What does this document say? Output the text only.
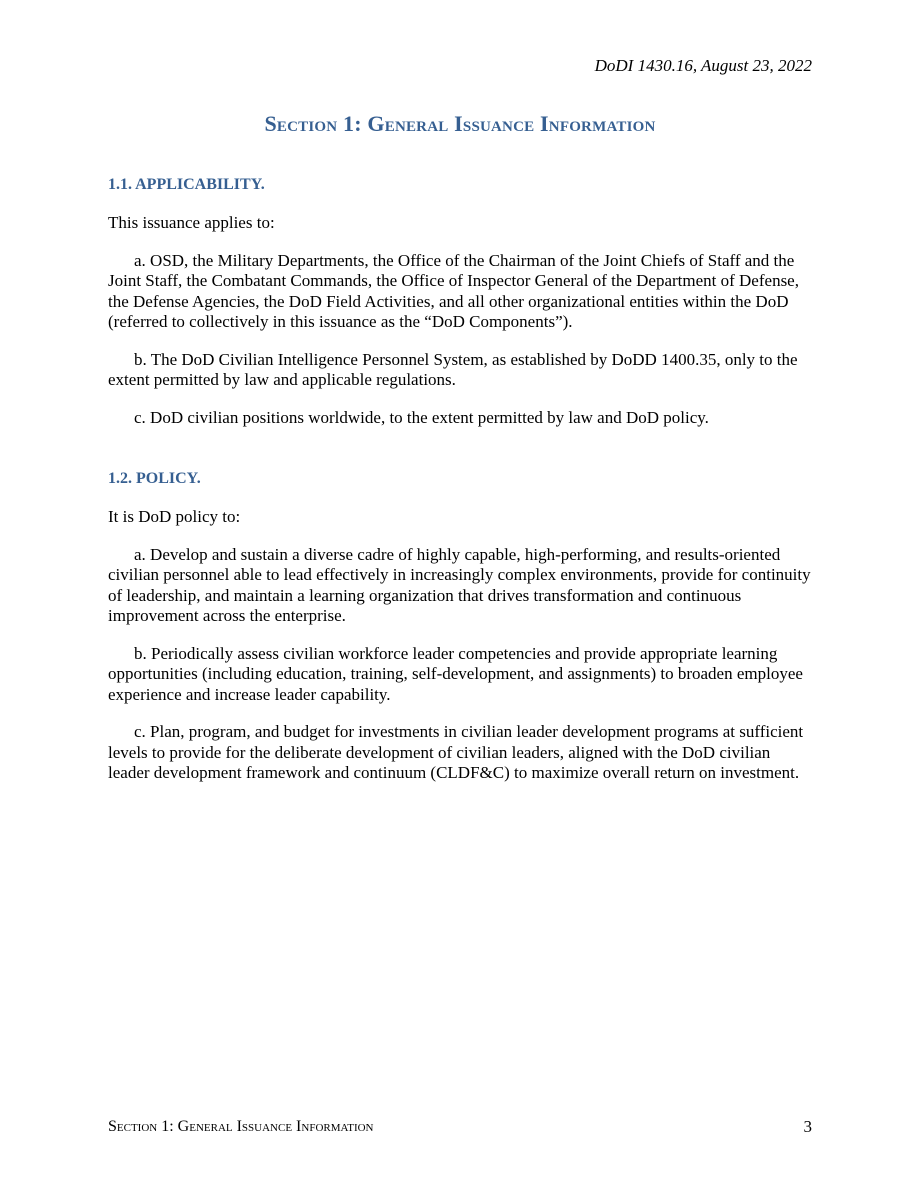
DoDI 1430.16, August 23, 2022
Section 1: General Issuance Information

1.1. APPLICABILITY.

This issuance applies to:

a. OSD, the Military Departments, the Office of the Chairman of the Joint Chiefs of Staff and the Joint Staff, the Combatant Commands, the Office of Inspector General of the Department of Defense, the Defense Agencies, the DoD Field Activities, and all other organizational entities within the DoD (referred to collectively in this issuance as the “DoD Components”).

b. The DoD Civilian Intelligence Personnel System, as established by DoDD 1400.35, only to the extent permitted by law and applicable regulations.

c. DoD civilian positions worldwide, to the extent permitted by law and DoD policy.

1.2. POLICY.

It is DoD policy to:

a. Develop and sustain a diverse cadre of highly capable, high-performing, and results-oriented civilian personnel able to lead effectively in increasingly complex environments, provide for continuity of leadership, and maintain a learning organization that drives transformation and continuous improvement across the enterprise.

b. Periodically assess civilian workforce leader competencies and provide appropriate learning opportunities (including education, training, self-development, and assignments) to broaden employee experience and increase leader capability.

c. Plan, program, and budget for investments in civilian leader development programs at sufficient levels to provide for the deliberate development of civilian leaders, aligned with the DoD civilian leader development framework and continuum (CLDF&C) to maximize overall return on investment.

Section 1: General Issuance Information	3
